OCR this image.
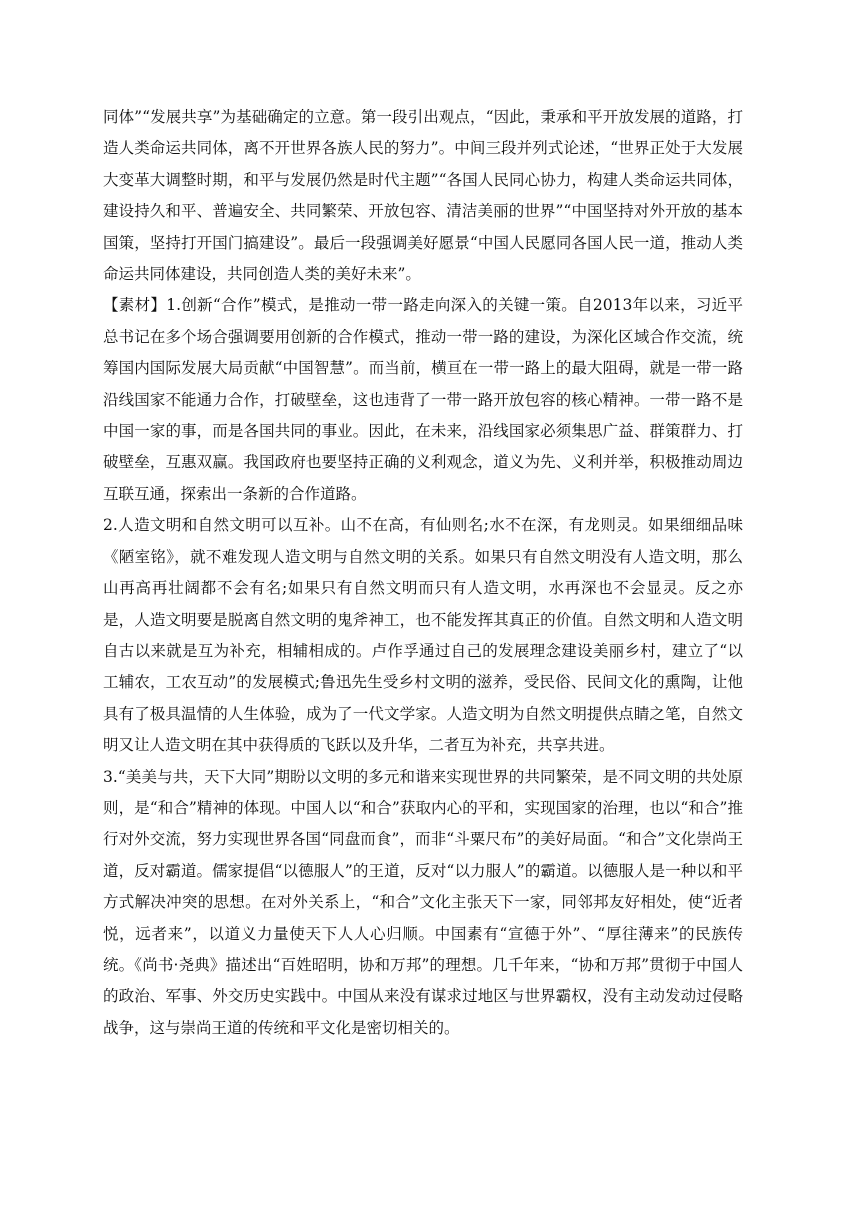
同体”“发展共享”为基础确定的立意。第一段引出观点，“因此，秉承和平开放发展的道路，打造人类命运共同体，离不开世界各族人民的努力”。中间三段并列式论述，“世界正处于大发展大变革大调整时期，和平与发展仍然是时代主题”“各国人民同心协力，构建人类命运共同体，建设持久和平、普遍安全、共同繁荣、开放包容、清洁美丽的世界”“中国坚持对外开放的基本国策，坚持打开国门搞建设”。最后一段强调美好愿景“中国人民愿同各国人民一道，推动人类命运共同体建设，共同创造人类的美好未来”。

【素材】1.创新“合作”模式，是推动一带一路走向深入的关键一策。自2013年以来，习近平总书记在多个场合强调要用创新的合作模式，推动一带一路的建设，为深化区域合作交流，统筹国内国际发展大局贡献“中国智慧”。而当前，横亘在一带一路上的最大阻碍，就是一带一路沿线国家不能通力合作，打破壁垒，这也违背了一带一路开放包容的核心精神。一带一路不是中国一家的事，而是各国共同的事业。因此，在未来，沿线国家必须集思广益、群策群力、打破壁垒，互惠双赢。我国政府也要坚持正确的义利观念，道义为先、义利并举，积极推动周边互联互通，探索出一条新的合作道路。

2.人造文明和自然文明可以互补。山不在高，有仙则名;水不在深，有龙则灵。如果细细品味《陋室铭》，就不难发现人造文明与自然文明的关系。如果只有自然文明没有人造文明，那么山再高再壮阔都不会有名;如果只有自然文明而只有人造文明，水再深也不会显灵。反之亦是，人造文明要是脱离自然文明的鬼斧神工，也不能发挥其真正的价值。自然文明和人造文明自古以来就是互为补充，相辅相成的。卢作孚通过自己的发展理念建设美丽乡村，建立了“以工辅农，工农互动”的发展模式;鲁迅先生受乡村文明的滋养，受民俗、民间文化的熏陶，让他具有了极具温情的人生体验，成为了一代文学家。人造文明为自然文明提供点睛之笔，自然文明又让人造文明在其中获得质的飞跃以及升华，二者互为补充，共享共进。

3.“美美与共，天下大同”期盼以文明的多元和谐来实现世界的共同繁荣，是不同文明的共处原则，是“和合”精神的体现。中国人以“和合”获取内心的平和，实现国家的治理，也以“和合”推行对外交流，努力实现世界各国“同盘而食”，而非“斗粟尺布”的美好局面。“和合”文化崇尚王道，反对霸道。儒家提倡“以德服人”的王道，反对“以力服人”的霸道。以德服人是一种以和平方式解决冲突的思想。在对外关系上，“和合”文化主张天下一家，同邻邦友好相处，使“近者悦，远者来”，以道义力量使天下人人心归顺。中国素有“宣德于外”、“厚往薄来”的民族传统。《尚书·尧典》描述出“百姓昭明，协和万邦”的理想。几千年来，“协和万邦”贯彻于中国人的政治、军事、外交历史实践中。中国从来没有谋求过地区与世界霸权，没有主动发动过侵略战争，这与崇尚王道的传统和平文化是密切相关的。
